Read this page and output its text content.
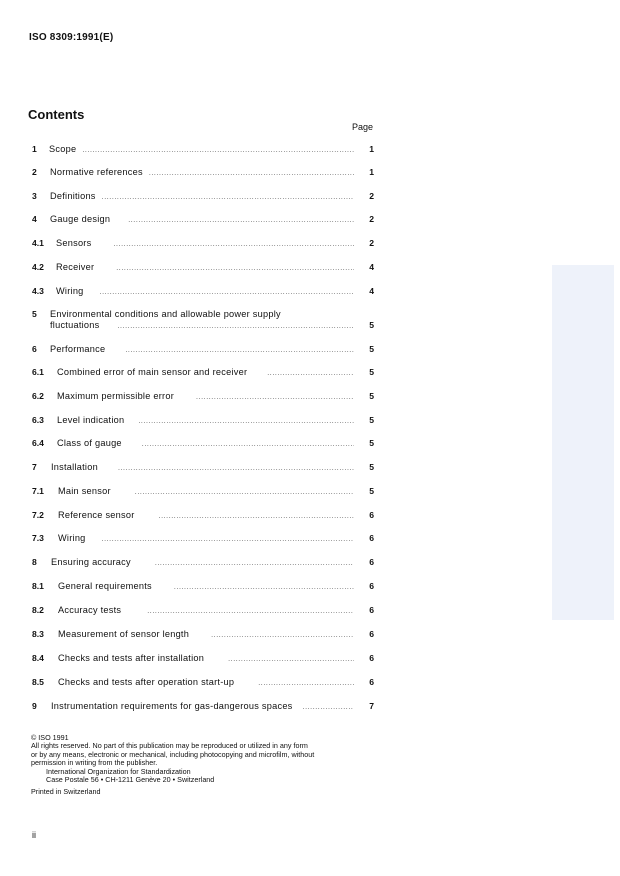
ISO 8309:1991(E)
Contents
Page
1	Scope .....	1
2	Normative references .....	1
3	Definitions .....	2
4	Gauge design .....	2
4.1	Sensors .....	2
4.2	Receiver .....	4
4.3	Wiring .....	4
5	Environmental conditions and allowable power supply
fluctuations .....	5
6	Performance .....	5
6.1	Combined error of main sensor and receiver .....	5
6.2	Maximum permissible error .....	5
6.3	Level indication .....	5
6.4	Class of gauge .....	5
7	Installation .....	5
7.1	Main sensor .....	5
7.2	Reference sensor .....	6
7.3	Wiring .....	6
8	Ensuring accuracy .....	6
8.1	General requirements .....	6
8.2	Accuracy tests .....	6
8.3	Measurement of sensor length .....	6
8.4	Checks and tests after installation .....	6
8.5	Checks and tests after operation start-up .....	6
9	Instrumentation requirements for gas-dangerous spaces .....	7
© ISO 1991
All rights reserved. No part of this publication may be reproduced or utilized in any form
or by any means, electronic or mechanical, including photocopying and microfilm, without
permission in writing from the publisher.
International Organization for Standardization
Case Postale 56 • CH-1211 Genève 20 • Switzerland
Printed in Switzerland
ii
